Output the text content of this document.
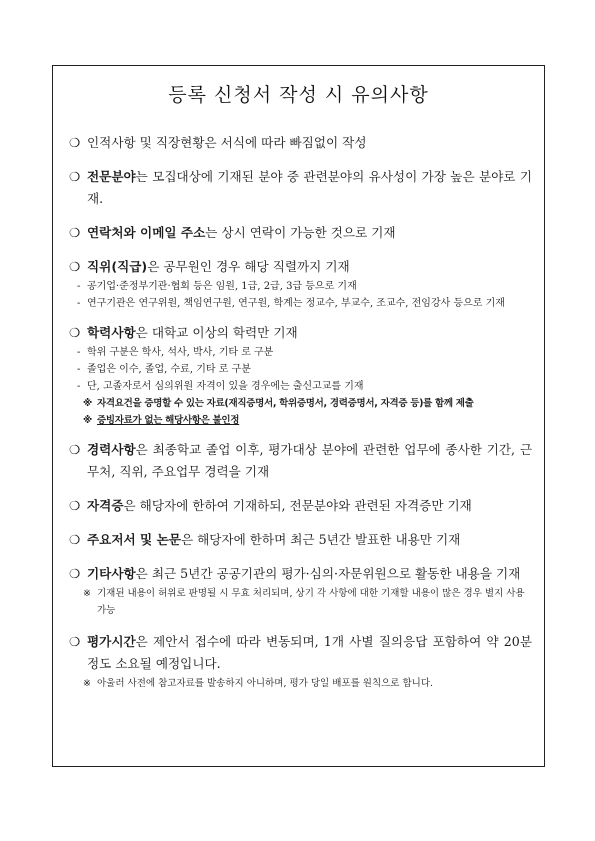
등록 신청서 작성 시 유의사항
❍ 인적사항 및 직장현황은 서식에 따라 빠짐없이 작성
❍ 전문분야는 모집대상에 기재된 분야 중 관련분야의 유사성이 가장 높은 분야로 기재.
❍ 연락처와 이메일 주소는 상시 연락이 가능한 것으로 기재
❍ 직위(직급)은 공무원인 경우 해당 직렬까지 기재
- 공기업·준정부기관·협회 등은 임원, 1급, 2급, 3급 등으로 기재
- 연구기관은 연구위원, 책임연구원, 연구원, 학계는 정교수, 부교수, 조교수, 전임강사 등으로 기재
❍ 학력사항은 대학교 이상의 학력만 기재
- 학위 구분은 학사, 석사, 박사, 기타 로 구분
- 졸업은 이수, 졸업, 수료, 기타 로 구분
- 단, 고졸자로서 심의위원 자격이 있을 경우에는 출신고교를 기재
※ 자격요건을 증명할 수 있는 자료(재직증명서, 학위증명서, 경력증명서, 자격증 등)를 함께 제출
※ 증빙자료가 없는 해당사항은 불인정
❍ 경력사항은 최종학교 졸업 이후, 평가대상 분야에 관련한 업무에 종사한 기간, 근무처, 직위, 주요업무 경력을 기재
❍ 자격증은 해당자에 한하여 기재하되, 전문분야와 관련된 자격증만 기재
❍ 주요저서 및 논문은 해당자에 한하며 최근 5년간 발표한 내용만 기재
❍ 기타사항은 최근 5년간 공공기관의 평가·심의·자문위원으로 활동한 내용을 기재
※ 기재된 내용이 허위로 판명될 시 무효 처리되며, 상기 각 사항에 대한 기재할 내용이 많은 경우 별지 사용 가능
❍ 평가시간은 제안서 접수에 따라 변동되며, 1개 사별 질의응답 포함하여 약 20분 정도 소요될 예정입니다.
※ 아울러 사전에 참고자료를 발송하지 아니하며, 평가 당일 배포를 원칙으로 합니다.
